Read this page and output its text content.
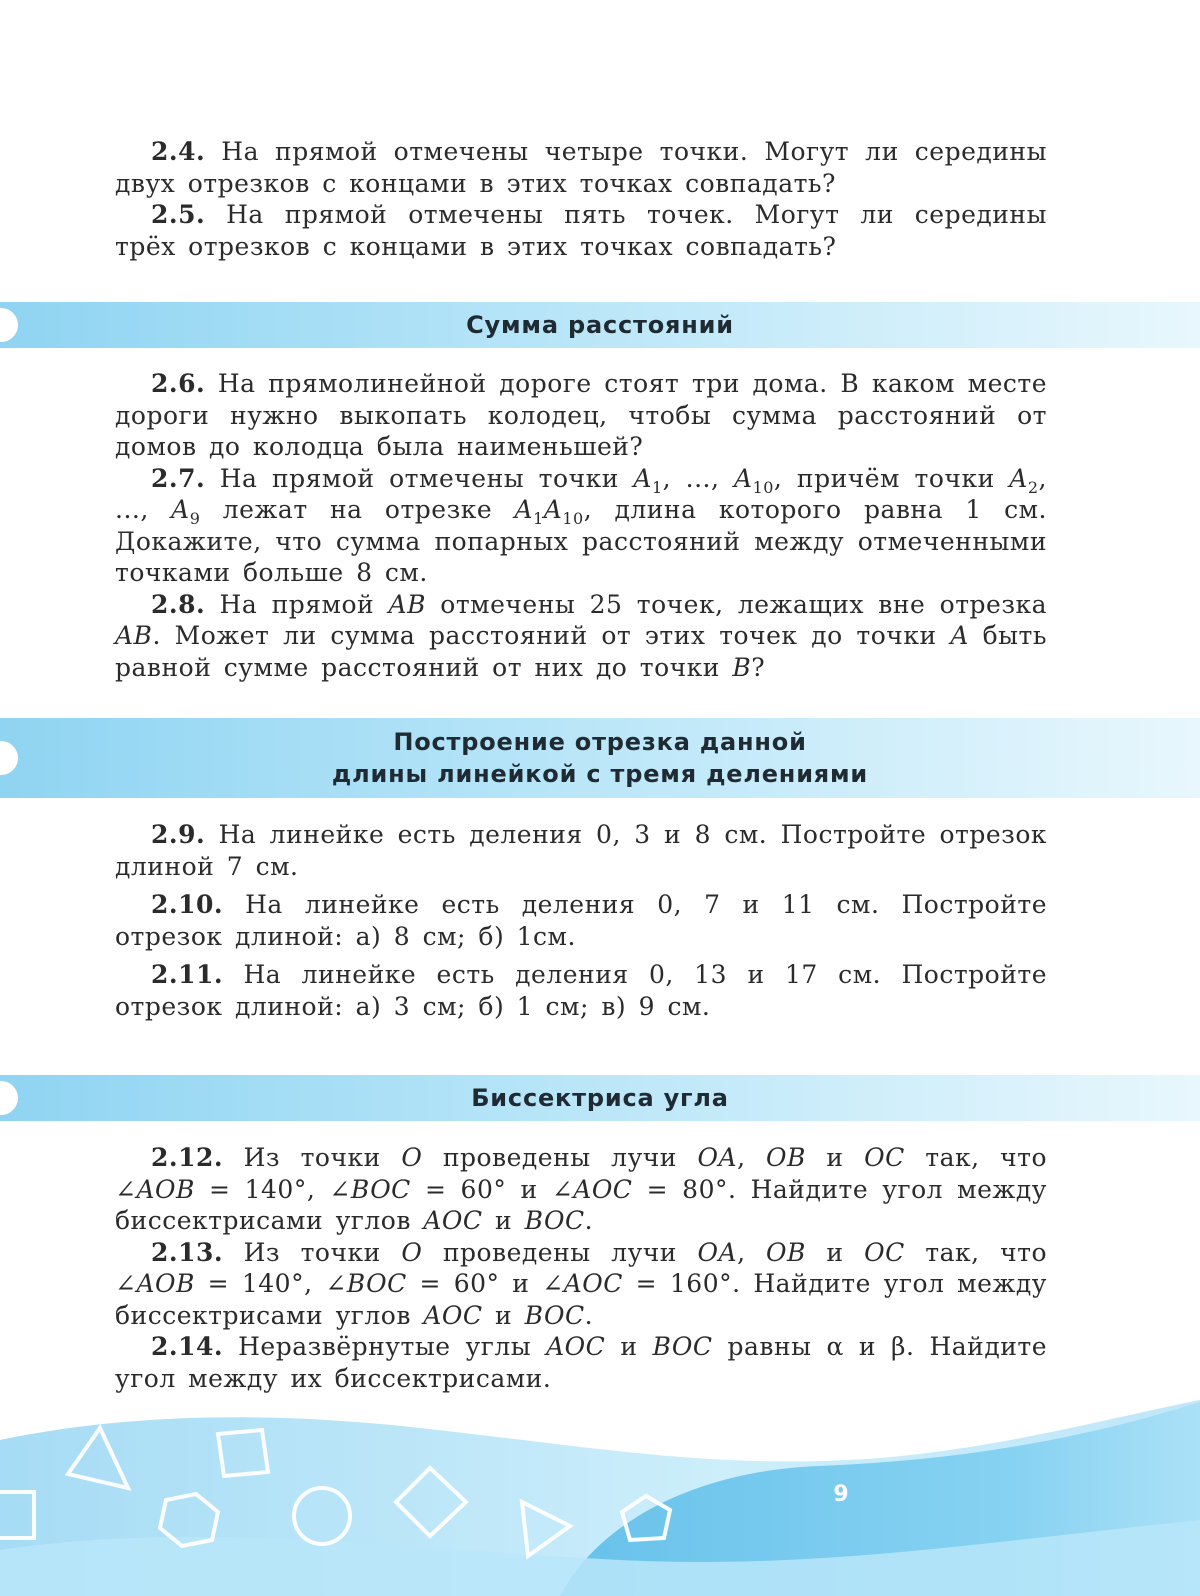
2.4. На прямой отмечены четыре точки. Могут ли середины двух отрезков с концами в этих точках совпадать?

2.5. На прямой отмечены пять точек. Могут ли середины трёх отрезков с концами в этих точках совпадать?

Сумма расстояний

2.6. На прямолинейной дороге стоят три дома. В каком месте дороги нужно выкопать колодец, чтобы сумма расстояний от домов до колодца была наименьшей?

2.7. На прямой отмечены точки $A_1$, ..., $A_{10}$, причём точки $A_2$, ..., $A_9$ лежат на отрезке $A_1A_{10}$, длина которого равна 1 см. Докажите, что сумма попарных расстояний между отмеченными точками больше 8 см.

2.8. На прямой AB отмечены 25 точек, лежащих вне отрезка AB. Может ли сумма расстояний от этих точек до точки A быть равной сумме расстояний от них до точки B?

Построение отрезка данной
длины линейкой с тремя делениями

2.9. На линейке есть деления 0, 3 и 8 см. Постройте отрезок длиной 7 см.

2.10. На линейке есть деления 0, 7 и 11 см. Постройте отрезок длиной: а) 8 см; б) 1см.

2.11. На линейке есть деления 0, 13 и 17 см. Постройте отрезок длиной: а) 3 см; б) 1 см; в) 9 см.

Биссектриса угла

2.12. Из точки O проведены лучи OA, OB и OC так, что ∠AOB = 140°, ∠BOC = 60° и ∠AOC = 80°. Найдите угол между биссектрисами углов AOC и BOC.

2.13. Из точки O проведены лучи OA, OB и OC так, что ∠AOB = 140°, ∠BOC = 60° и ∠AOC = 160°. Найдите угол между биссектрисами углов AOC и BOC.

2.14. Неразвёрнутые углы AOC и BOC равны α и β. Найдите угол между их биссектрисами.

9
